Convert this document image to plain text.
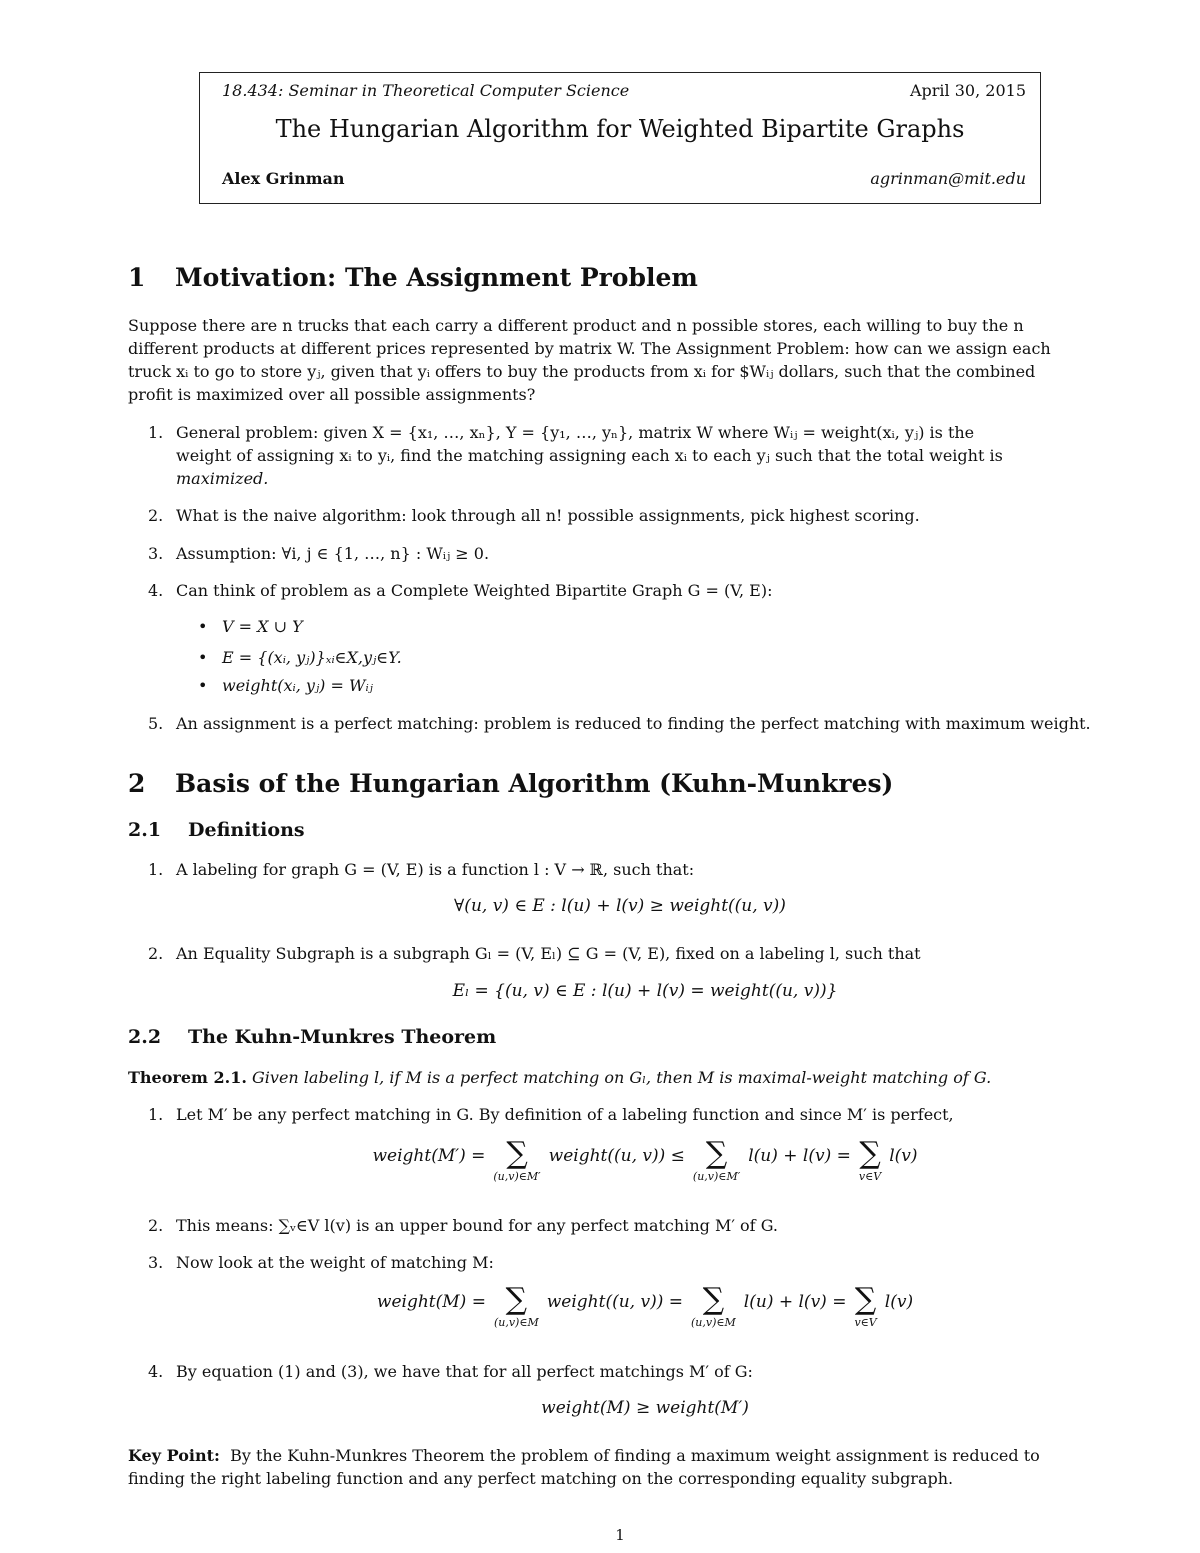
18.434: Seminar in Theoretical Computer Science	April 30, 2015
The Hungarian Algorithm for Weighted Bipartite Graphs
Alex Grinman	agrinman@mit.edu
1 Motivation: The Assignment Problem
Suppose there are n trucks that each carry a different product and n possible stores, each willing to buy the n
different products at different prices represented by matrix W. The Assignment Problem: how can we assign each
truck xᵢ to go to store yⱼ, given that yᵢ offers to buy the products from xᵢ for $Wᵢⱼ dollars, such that the combined
profit is maximized over all possible assignments?
1. General problem: given X = {x₁, …, xₙ}, Y = {y₁, …, yₙ}, matrix W where Wᵢⱼ = weight(xᵢ, yⱼ) is the
weight of assigning xᵢ to yᵢ, find the matching assigning each xᵢ to each yⱼ such that the total weight is
maximized.
2. What is the naive algorithm: look through all n! possible assignments, pick highest scoring.
3. Assumption: ∀i, j ∈ {1, …, n} : Wᵢⱼ ≥ 0.
4. Can think of problem as a Complete Weighted Bipartite Graph G = (V, E):
• V = X ∪ Y
• E = {(xᵢ, yⱼ)}ₓᵢ∈X,yⱼ∈Y.
• weight(xᵢ, yⱼ) = Wᵢⱼ
5. An assignment is a perfect matching: problem is reduced to finding the perfect matching with maximum weight.
2 Basis of the Hungarian Algorithm (Kuhn-Munkres)
2.1 Definitions
1. A labeling for graph G = (V, E) is a function l : V → ℝ, such that:
∀(u, v) ∈ E : l(u) + l(v) ≥ weight((u, v))
2. An Equality Subgraph is a subgraph Gₗ = (V, Eₗ) ⊆ G = (V, E), fixed on a labeling l, such that
Eₗ = {(u, v) ∈ E : l(u) + l(v) = weight((u, v))}
2.2 The Kuhn-Munkres Theorem
Theorem 2.1. Given labeling l, if M is a perfect matching on Gₗ, then M is maximal-weight matching of G.
1. Let M′ be any perfect matching in G. By definition of a labeling function and since M′ is perfect,
weight(M′) = ∑
(u,v)∈M′
weight((u, v)) ≤ ∑
(u,v)∈M′
l(u) + l(v) = ∑
v∈V
l(v)
2. This means: ∑ᵥ∈V l(v) is an upper bound for any perfect matching M′ of G.
3. Now look at the weight of matching M:
weight(M) = ∑
(u,v)∈M
weight((u, v)) = ∑
(u,v)∈M
l(u) + l(v) = ∑
v∈V
l(v)
4. By equation (1) and (3), we have that for all perfect matchings M′ of G:
weight(M) ≥ weight(M′)
Key Point: By the Kuhn-Munkres Theorem the problem of finding a maximum weight assignment is reduced to
finding the right labeling function and any perfect matching on the corresponding equality subgraph.
1
